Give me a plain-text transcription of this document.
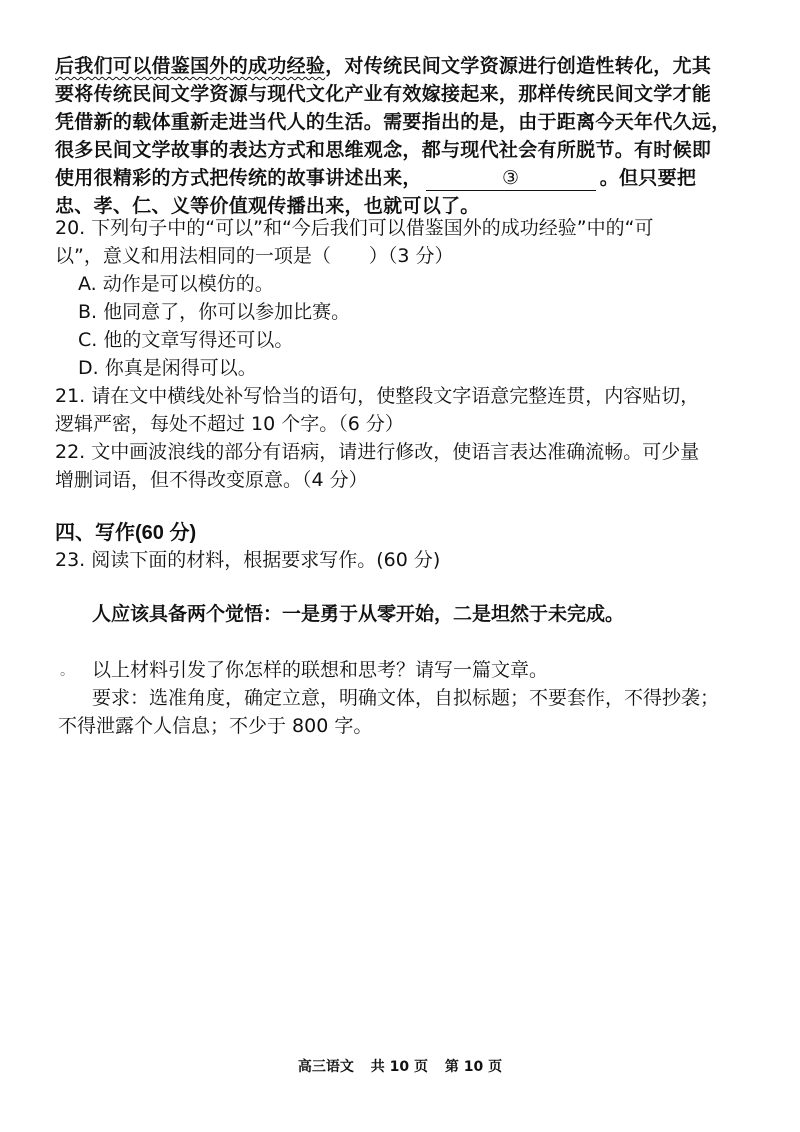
后我们可以借鉴国外的成功经验，对传统民间文学资源进行创造性转化，尤其
要将传统民间文学资源与现代文化产业有效嫁接起来，那样传统民间文学才能
凭借新的载体重新走进当代人的生活。需要指出的是，由于距离今天年代久远，
很多民间文学故事的表达方式和思维观念，都与现代社会有所脱节。有时候即
使用很精彩的方式把传统的故事讲述出来，	③	。但只要把
忠、孝、仁、义等价值观传播出来，也就可以了。
20. 下列句子中的“可以”和“今后我们可以借鉴国外的成功经验”中的“可
以”，意义和用法相同的一项是（　　）（3 分）
A. 动作是可以模仿的。
B. 他同意了，你可以参加比赛。
C. 他的文章写得还可以。
D. 你真是闲得可以。
21. 请在文中横线处补写恰当的语句，使整段文字语意完整连贯，内容贴切，
逻辑严密，每处不超过 10 个字。（6 分）
22. 文中画波浪线的部分有语病，请进行修改，使语言表达准确流畅。可少量
增删词语，但不得改变原意。（4 分）
四、写作(60 分)
23. 阅读下面的材料，根据要求写作。(60 分)
人应该具备两个觉悟：一是勇于从零开始，二是坦然于未完成。
。 以上材料引发了你怎样的联想和思考？请写一篇文章。
要求：选准角度，确定立意，明确文体，自拟标题；不要套作，不得抄袭；
不得泄露个人信息；不少于 800 字。
高三语文 共 10 页 第 10 页
